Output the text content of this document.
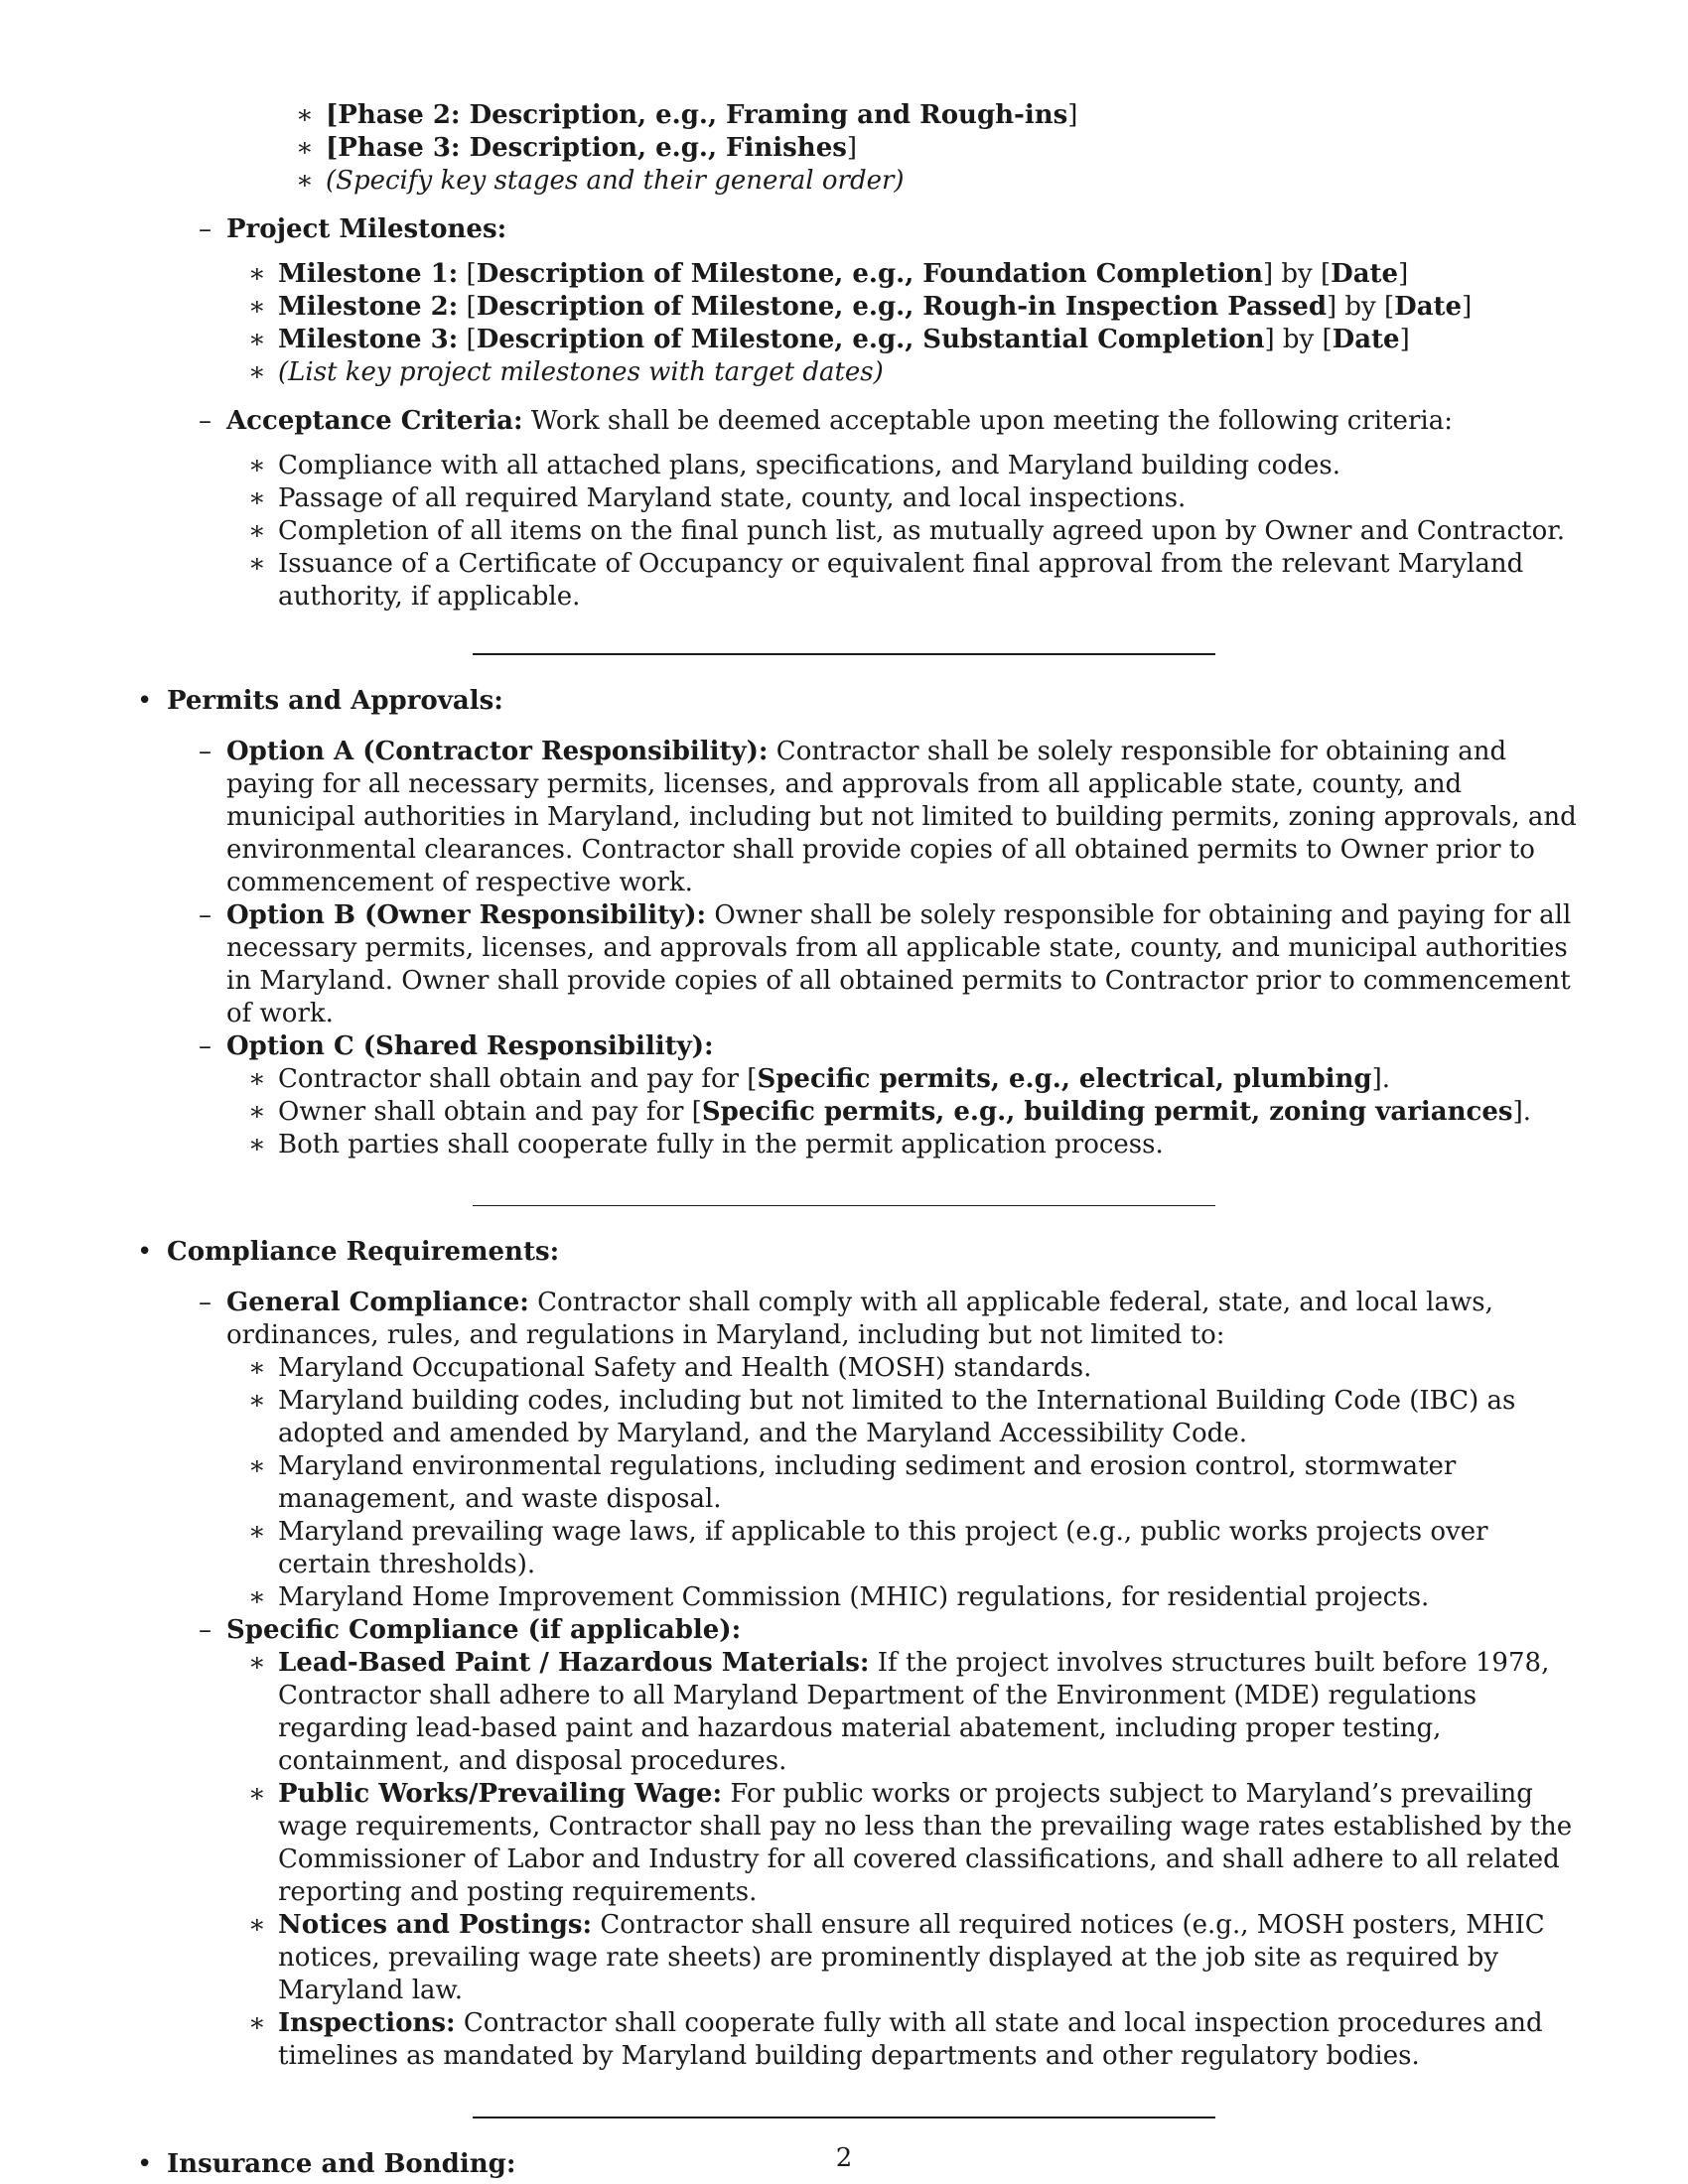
∗ [Phase 2: Description, e.g., Framing and Rough-ins]
∗ [Phase 3: Description, e.g., Finishes]
∗ (Specify key stages and their general order)
– Project Milestones:
∗ Milestone 1: [Description of Milestone, e.g., Foundation Completion] by [Date]
∗ Milestone 2: [Description of Milestone, e.g., Rough-in Inspection Passed] by [Date]
∗ Milestone 3: [Description of Milestone, e.g., Substantial Completion] by [Date]
∗ (List key project milestones with target dates)
– Acceptance Criteria: Work shall be deemed acceptable upon meeting the following criteria:
∗ Compliance with all attached plans, specifications, and Maryland building codes.
∗ Passage of all required Maryland state, county, and local inspections.
∗ Completion of all items on the final punch list, as mutually agreed upon by Owner and Contractor.
∗ Issuance of a Certificate of Occupancy or equivalent final approval from the relevant Maryland authority, if applicable.
• Permits and Approvals:
– Option A (Contractor Responsibility): Contractor shall be solely responsible for obtaining and paying for all necessary permits, licenses, and approvals from all applicable state, county, and municipal authorities in Maryland, including but not limited to building permits, zoning approvals, and environmental clearances. Contractor shall provide copies of all obtained permits to Owner prior to commencement of respective work.
– Option B (Owner Responsibility): Owner shall be solely responsible for obtaining and paying for all necessary permits, licenses, and approvals from all applicable state, county, and municipal authorities in Maryland. Owner shall provide copies of all obtained permits to Contractor prior to commencement of work.
– Option C (Shared Responsibility):
∗ Contractor shall obtain and pay for [Specific permits, e.g., electrical, plumbing].
∗ Owner shall obtain and pay for [Specific permits, e.g., building permit, zoning variances].
∗ Both parties shall cooperate fully in the permit application process.
• Compliance Requirements:
– General Compliance: Contractor shall comply with all applicable federal, state, and local laws, ordinances, rules, and regulations in Maryland, including but not limited to:
∗ Maryland Occupational Safety and Health (MOSH) standards.
∗ Maryland building codes, including but not limited to the International Building Code (IBC) as adopted and amended by Maryland, and the Maryland Accessibility Code.
∗ Maryland environmental regulations, including sediment and erosion control, stormwater management, and waste disposal.
∗ Maryland prevailing wage laws, if applicable to this project (e.g., public works projects over certain thresholds).
∗ Maryland Home Improvement Commission (MHIC) regulations, for residential projects.
– Specific Compliance (if applicable):
∗ Lead-Based Paint / Hazardous Materials: If the project involves structures built before 1978, Contractor shall adhere to all Maryland Department of the Environment (MDE) regulations regarding lead-based paint and hazardous material abatement, including proper testing, containment, and disposal procedures.
∗ Public Works/Prevailing Wage: For public works or projects subject to Maryland’s prevailing wage requirements, Contractor shall pay no less than the prevailing wage rates established by the Commissioner of Labor and Industry for all covered classifications, and shall adhere to all related reporting and posting requirements.
∗ Notices and Postings: Contractor shall ensure all required notices (e.g., MOSH posters, MHIC notices, prevailing wage rate sheets) are prominently displayed at the job site as required by Maryland law.
∗ Inspections: Contractor shall cooperate fully with all state and local inspection procedures and timelines as mandated by Maryland building departments and other regulatory bodies.
• Insurance and Bonding:	2
